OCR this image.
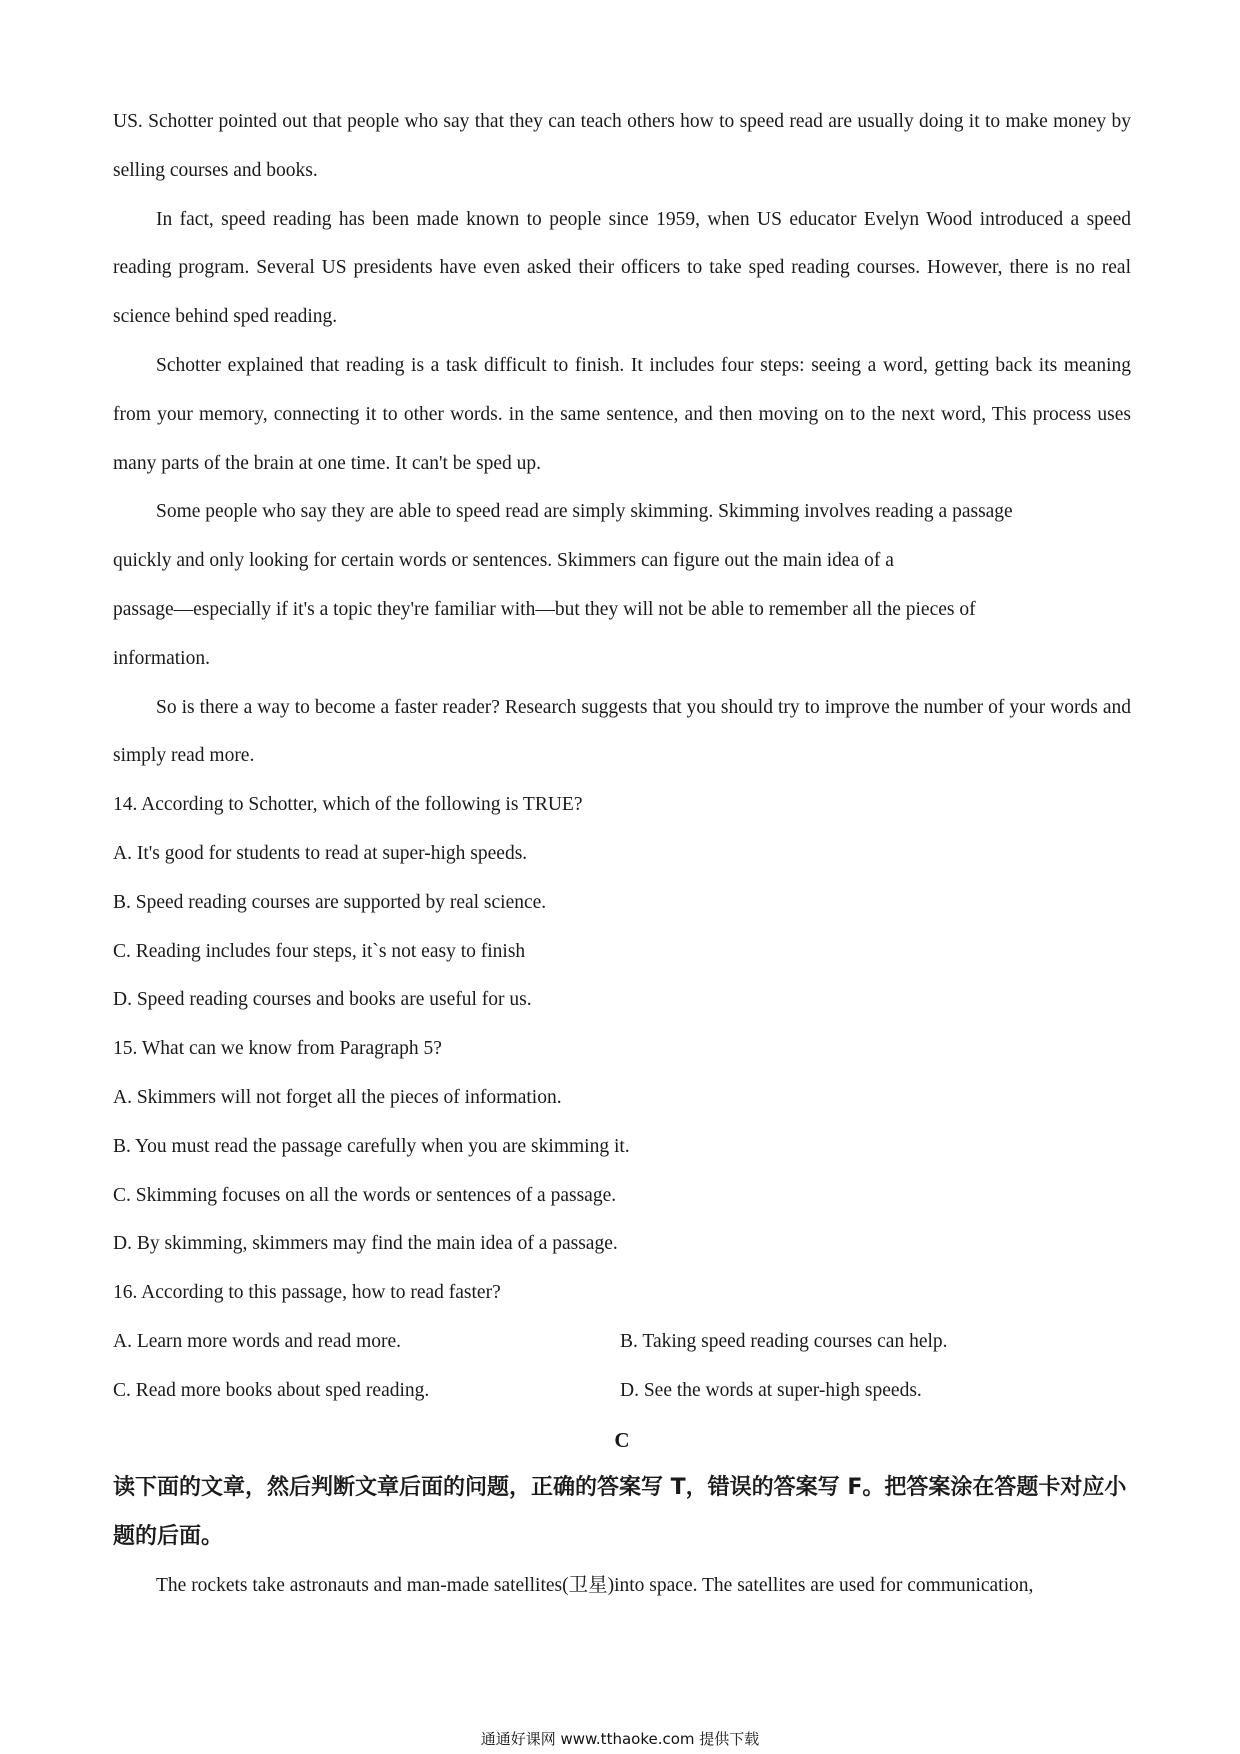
US. Schotter pointed out that people who say that they can teach others how to speed read are usually doing it to make money by selling courses and books.

In fact, speed reading has been made known to people since 1959, when US educator Evelyn Wood introduced a speed reading program. Several US presidents have even asked their officers to take sped reading courses. However, there is no real science behind sped reading.

Schotter explained that reading is a task difficult to finish. It includes four steps: seeing a word, getting back its meaning from your memory, connecting it to other words. in the same sentence, and then moving on to the next word, This process uses many parts of the brain at one time. It can't be sped up.

Some people who say they are able to speed read are simply skimming. Skimming involves reading a passage

quickly and only looking for certain words or sentences. Skimmers can figure out the main idea of a

passage—especially if it's a topic they're familiar with—but they will not be able to remember all the pieces of

information.

So is there a way to become a faster reader? Research suggests that you should try to improve the number of your words and simply read more.

14. According to Schotter, which of the following is TRUE?

A. It's good for students to read at super-high speeds.

B. Speed reading courses are supported by real science.

C. Reading includes four steps, it`s not easy to finish

D. Speed reading courses and books are useful for us.

15. What can we know from Paragraph 5?

A. Skimmers will not forget all the pieces of information.

B. You must read the passage carefully when you are skimming it.

C. Skimming focuses on all the words or sentences of a passage.

D. By skimming, skimmers may find the main idea of a passage.

16. According to this passage, how to read faster?

A. Learn more words and read more.	B. Taking speed reading courses can help.
C. Read more books about sped reading.	D. See the words at super-high speeds.

C

读下面的文章，然后判断文章后面的问题，正确的答案写 T，错误的答案写 F。把答案涂在答题卡对应小题的后面。

The rockets take astronauts and man-made satellites(卫星)into space. The satellites are used for communication,

通通好课网 www.tthaoke.com 提供下载
